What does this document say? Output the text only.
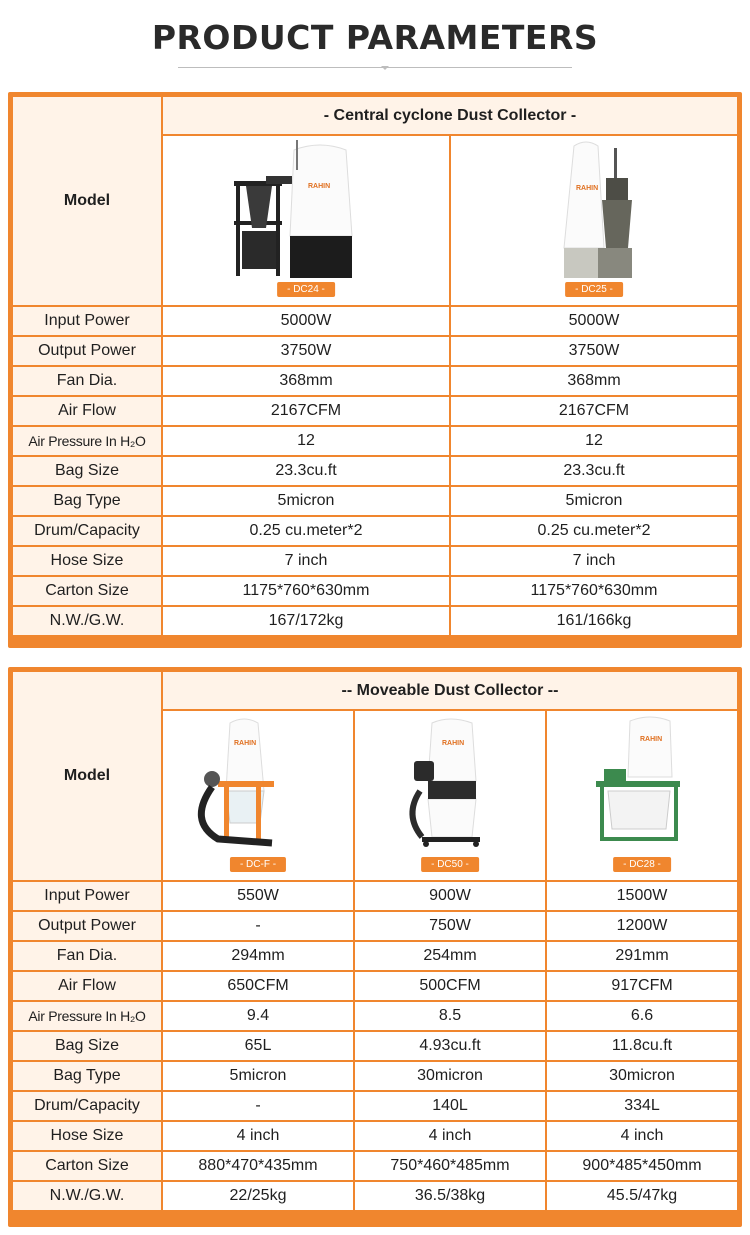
PRODUCT PARAMETERS
Model
- Central cyclone Dust Collector -
RAHIN
- DC24 -
RAHIN
- DC25 -
Input Power	5000W	5000W
Output Power	3750W	3750W
Fan Dia.	368mm	368mm
Air Flow	2167CFM	2167CFM
Air Pressure In H₂O	12	12
Bag Size	23.3cu.ft	23.3cu.ft
Bag Type	5micron	5micron
Drum/Capacity	0.25 cu.meter*2	0.25 cu.meter*2
Hose Size	7 inch	7 inch
Carton Size	1175*760*630mm	1175*760*630mm
N.W./G.W.	167/172kg	161/166kg
Model
-- Moveable Dust Collector --
RAHIN
- DC-F -
RAHIN
- DC50 -
RAHIN
- DC28 -
Input Power	550W	900W	1500W
Output Power	-	750W	1200W
Fan Dia.	294mm	254mm	291mm
Air Flow	650CFM	500CFM	917CFM
Air Pressure In H₂O	9.4	8.5	6.6
Bag Size	65L	4.93cu.ft	11.8cu.ft
Bag Type	5micron	30micron	30micron
Drum/Capacity	-	140L	334L
Hose Size	4 inch	4 inch	4 inch
Carton Size	880*470*435mm	750*460*485mm	900*485*450mm
N.W./G.W.	22/25kg	36.5/38kg	45.5/47kg
